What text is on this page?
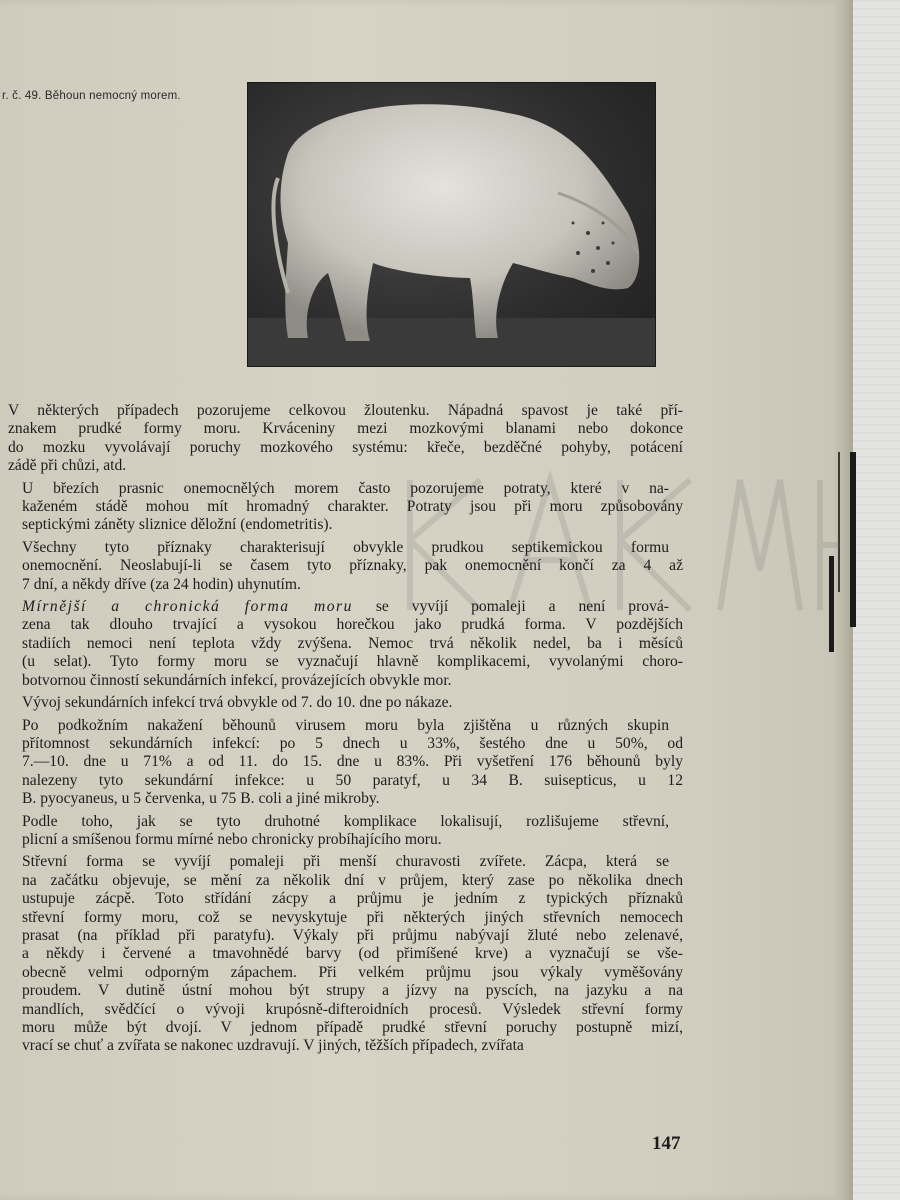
r. č. 49. Běhoun nemocný morem.

V některých případech pozorujeme celkovou žloutenku. Nápadná spavost je také pří-
znakem prudké formy moru. Krváceniny mezi mozkovými blanami nebo dokonce
do mozku vyvolávají poruchy mozkového systému: křeče, bezděčné pohyby, potácení
zádě při chůzi, atd.

U březích prasnic onemocnělých morem často pozorujeme potraty, které v na-
kaženém stádě mohou mít hromadný charakter. Potraty jsou při moru způsobovány
septickými záněty sliznice děložní (endometritis).

Všechny tyto příznaky charakterisují obvykle prudkou septikemickou formu
onemocnění. Neoslabují-li se časem tyto příznaky, pak onemocnění končí za 4 až
7 dní, a někdy dříve (za 24 hodin) uhynutím.

Mírnější a chronická forma moru se vyvíjí pomaleji a není prová-
zena tak dlouho trvající a vysokou horečkou jako prudká forma. V pozdějších
stadiích nemoci není teplota vždy zvýšena. Nemoc trvá několik nedel, ba i měsíců
(u selat). Tyto formy moru se vyznačují hlavně komplikacemi, vyvolanými choro-
botvornou činností sekundárních infekcí, provázejících obvykle mor.

Vývoj sekundárních infekcí trvá obvykle od 7. do 10. dne po nákaze.

Po podkožním nakažení běhounů virusem moru byla zjištěna u různých skupin
přítomnost sekundárních infekcí: po 5 dnech u 33%, šestého dne u 50%, od
7.—10. dne u 71% a od 11. do 15. dne u 83%. Při vyšetření 176 běhounů byly
nalezeny tyto sekundární infekce: u 50 paratyf, u 34 B. suisepticus, u 12
B. pyocyaneus, u 5 červenka, u 75 B. coli a jiné mikroby.

Podle toho, jak se tyto druhotné komplikace lokalisují, rozlišujeme střevní,
plicní a smíšenou formu mírné nebo chronicky probíhajícího moru.

Střevní forma se vyvíjí pomaleji při menší churavosti zvířete. Zácpa, která se
na začátku objevuje, se mění za několik dní v průjem, který zase po několika dnech
ustupuje zácpě. Toto střídání zácpy a průjmu je jedním z typických příznaků
střevní formy moru, což se nevyskytuje při některých jiných střevních nemocech
prasat (na příklad při paratyfu). Výkaly při průjmu nabývají žluté nebo zelenavé,
a někdy i červené a tmavohnědé barvy (od přimíšené krve) a vyznačují se vše-
obecně velmi odporným zápachem. Při velkém průjmu jsou výkaly vyměšovány
proudem. V dutině ústní mohou být strupy a jízvy na pyscích, na jazyku a na
mandlích, svědčící o vývoji krupósně-difteroidních procesů. Výsledek střevní formy
moru může být dvojí. V jednom případě prudké střevní poruchy postupně mizí,
vrací se chuť a zvířata se nakonec uzdravují. V jiných, těžších případech, zvířata

147
